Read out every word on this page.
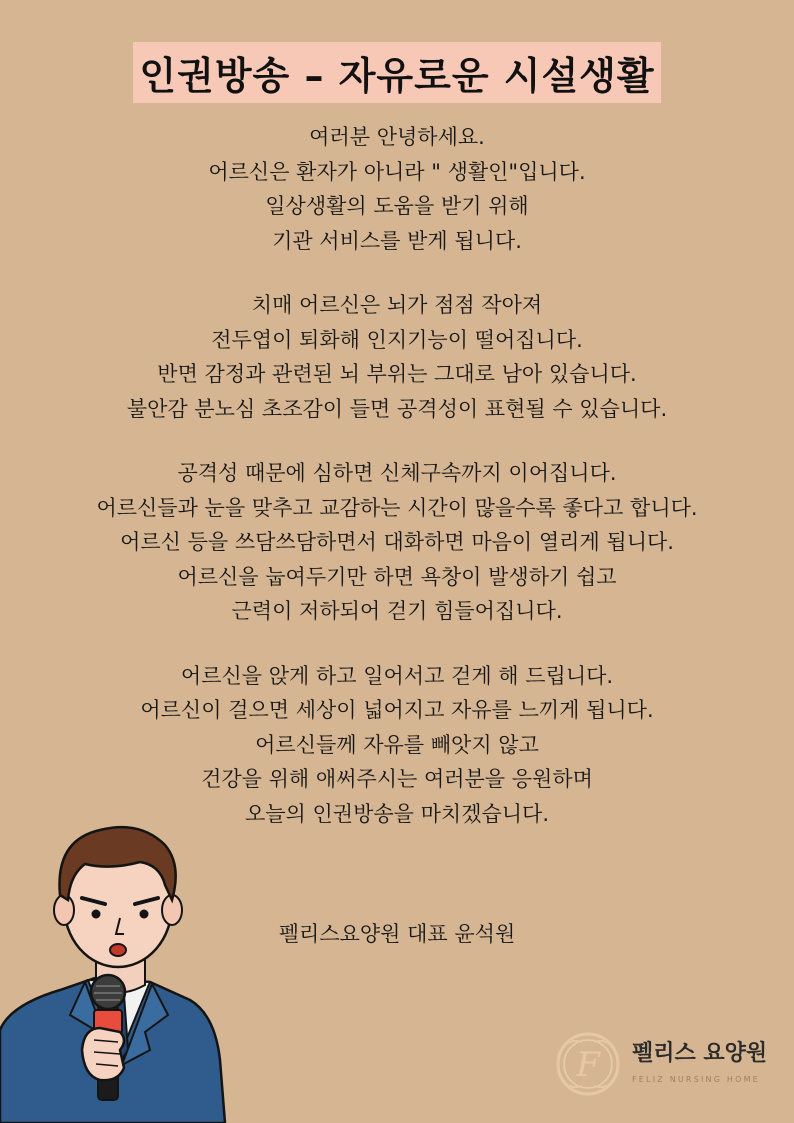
인권방송 – 자유로운 시설생활
여러분 안녕하세요.
어르신은 환자가 아니라 " 생활인"입니다.
일상생활의 도움을 받기 위해
기관 서비스를 받게 됩니다.
치매 어르신은 뇌가 점점 작아져
전두엽이 퇴화해 인지기능이 떨어집니다.
반면 감정과 관련된 뇌 부위는 그대로 남아 있습니다.
불안감 분노심 초조감이 들면 공격성이 표현될 수 있습니다.
공격성 때문에 심하면 신체구속까지 이어집니다.
어르신들과 눈을 맞추고 교감하는 시간이 많을수록 좋다고 합니다.
어르신 등을 쓰담쓰담하면서 대화하면 마음이 열리게 됩니다.
어르신을 눕여두기만 하면 욕창이 발생하기 쉽고
근력이 저하되어 걷기 힘들어집니다.
어르신을 앉게 하고 일어서고 걷게 해 드립니다.
어르신이 걸으면 세상이 넓어지고 자유를 느끼게 됩니다.
어르신들께 자유를 빼앗지 않고
건강을 위해 애써주시는 여러분을 응원하며
오늘의 인권방송을 마치겠습니다.
펠리스요양원 대표 윤석원
F 펠리스 요양원
FELIZ NURSING HOME
